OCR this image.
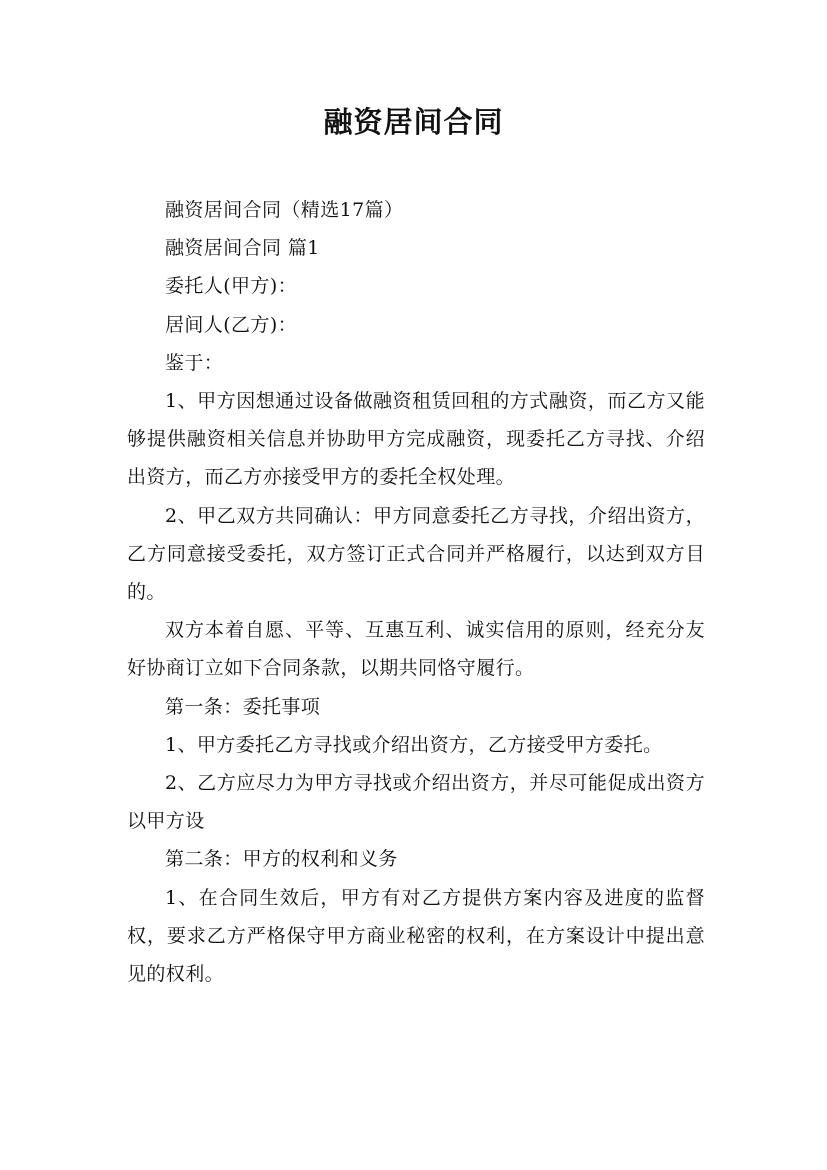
融资居间合同

融资居间合同（精选17篇）

融资居间合同 篇1

委托人(甲方)：

居间人(乙方)：

鉴于：

1、甲方因想通过设备做融资租赁回租的方式融资，而乙方又能够提供融资相关信息并协助甲方完成融资，现委托乙方寻找、介绍出资方，而乙方亦接受甲方的委托全权处理。

2、甲乙双方共同确认：甲方同意委托乙方寻找，介绍出资方，乙方同意接受委托，双方签订正式合同并严格履行，以达到双方目的。

双方本着自愿、平等、互惠互利、诚实信用的原则，经充分友好协商订立如下合同条款，以期共同恪守履行。

第一条：委托事项

1、甲方委托乙方寻找或介绍出资方，乙方接受甲方委托。

2、乙方应尽力为甲方寻找或介绍出资方，并尽可能促成出资方以甲方设

第二条：甲方的权利和义务

1、在合同生效后，甲方有对乙方提供方案内容及进度的监督权，要求乙方严格保守甲方商业秘密的权利，在方案设计中提出意见的权利。
